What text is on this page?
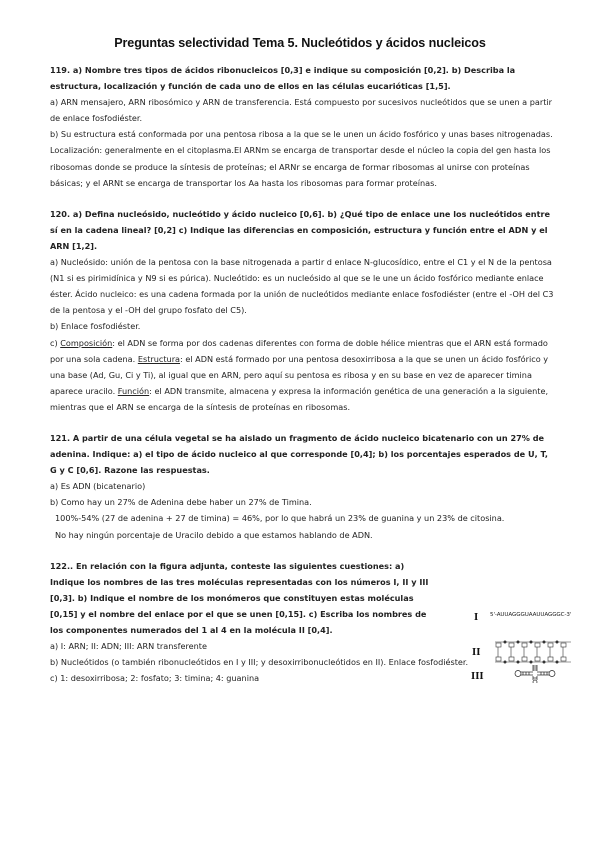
Preguntas selectividad Tema 5. Nucleótidos y ácidos nucleicos

119. a) Nombre tres tipos de ácidos ribonucleicos [0,3] e indique su composición [0,2]. b) Describa la estructura, localización y función de cada uno de ellos en las células eucarióticas [1,5].

a) ARN mensajero, ARN ribosómico y ARN de transferencia. Está compuesto por sucesivos nucleótidos que se unen a partir de enlace fosfodiéster.

b) Su estructura está conformada por una pentosa ribosa a la que se le unen un ácido fosfórico y unas bases nitrogenadas. Localización: generalmente en el citoplasma.El ARNm se encarga de transportar desde el núcleo la copia del gen hasta los ribosomas donde se produce la síntesis de proteínas; el ARNr se encarga de formar ribosomas al unirse con proteínas básicas; y el ARNt se encarga de transportar los Aa hasta los ribosomas para formar proteínas.

120. a) Defina nucleósido, nucleótido y ácido nucleico [0,6]. b) ¿Qué tipo de enlace une los nucleótidos entre sí en la cadena lineal? [0,2] c) Indique las diferencias en composición, estructura y función entre el ADN y el ARN [1,2].

a) Nucleósido: unión de la pentosa con la base nitrogenada a partir d enlace N-glucosídico, entre el C1 y el N de la pentosa (N1 si es pirimidínica y N9 si es púrica). Nucleótido: es un nucleósido al que se le une un ácido fosfórico mediante enlace éster. Ácido nucleico: es una cadena formada por la unión de nucleótidos mediante enlace fosfodiéster (entre el -OH del C3 de la pentosa y el -OH del grupo fosfato del C5).

b) Enlace fosfodiéster.

c) Composición: el ADN se forma por dos cadenas diferentes con forma de doble hélice mientras que el ARN está formado por una sola cadena. Estructura: el ADN está formado por una pentosa desoxirribosa a la que se unen un ácido fosfórico y una base (Ad, Gu, Ci y Ti), al igual que en ARN, pero aquí su pentosa es ribosa y en su base en vez de aparecer timina aparece uracilo. Función: el ADN transmite, almacena y expresa la información genética de una generación a la siguiente, mientras que el ARN se encarga de la síntesis de proteínas en ribosomas.

121. A partir de una célula vegetal se ha aislado un fragmento de ácido nucleico bicatenario con un 27% de adenina. Indique: a) el tipo de ácido nucleico al que corresponde [0,4]; b) los porcentajes esperados de U, T, G y C [0,6]. Razone las respuestas.

a) Es ADN (bicatenario)

b) Como hay un 27% de Adenina debe haber un 27% de Timina.

100%-54% (27 de adenina + 27 de timina) = 46%, por lo que habrá un 23% de guanina y un 23% de citosina.

No hay ningún porcentaje de Uracilo debido a que estamos hablando de ADN.

122.. En relación con la figura adjunta, conteste las siguientes cuestiones: a) Indique los nombres de las tres moléculas representadas con los números I, II y III [0,3]. b) Indique el nombre de los monómeros que constituyen estas moléculas [0,15] y el nombre del enlace por el que se unen [0,15]. c) Escriba los nombres de los componentes numerados del 1 al 4 en la molécula II [0,4].

a) I: ARN; II: ADN; III: ARN transferente

b) Nucleótidos (o también ribonucleótidos en I y III; y desoxirribonucleótidos en II). Enlace fosfodiéster.

c) 1: desoxirribosa; 2: fosfato; 3: timina; 4: guanina

I 5'-AUUAGGGUAAUUAGGGC-3'
II
III
